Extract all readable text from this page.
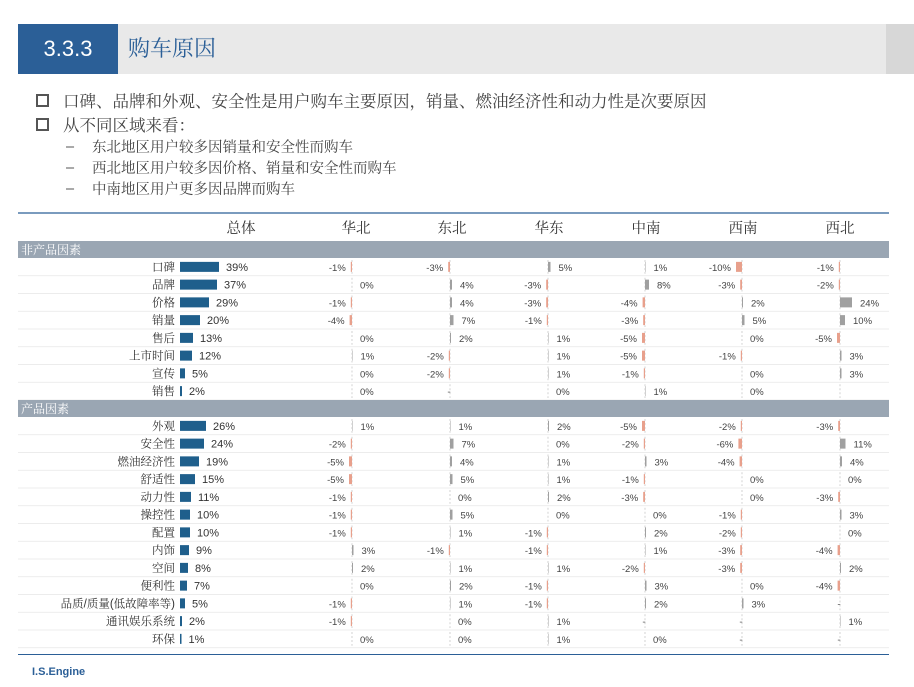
3.3.3	购车原因
口碑、品牌和外观、安全性是用户购车主要原因，销量、燃油经济性和动力性是次要原因
从不同区域来看：
–	东北地区用户较多因销量和安全性而购车
–	西北地区用户较多因价格、销量和安全性而购车
–	中南地区用户更多因品牌而购车
总体	华北	东北	华东	中南	西南	西北
非产品因素
口碑	39%	-1%	-3%	5%	1%	-10%	-1%
品牌	37%	0%	4%	-3%	8%	-3%	-2%
价格	29%	-1%	4%	-3%	-4%	2%	24%
销量	20%	-4%	7%	-1%	-3%	5%	10%
售后 13%	0%	2%	1%	-5%	0%	-5%
上市时间 12%	1%	-2%	1%	-5%	-1%	3%
宣传 5%	0%	-2%	1%	-1%	0%	3%
销售 2%	0%	-	0%	1%	0%
产品因素
外观	26%	1%	1%	2%	-5%	-2%	-3%
安全性	24%	-2%	7%	0%	-2%	-6%	11%
燃油经济性	19%	-5%	4%	1%	3%	-4%	4%
舒适性 15%	-5%	5%	1%	-1%	0%	0%
动力性 11%	-1%	0%	2%	-3%	0%	-3%
操控性 10%	-1%	5%	0%	0%	-1%	3%
配置 10%	-1%	1%	-1%	2%	-2%	0%
内饰 9%	3%	-1%	-1%	1%	-3%	-4%
空间 8%	2%	1%	1%	-2%	-3%	2%
便利性 7%	0%	2%	-1%	3%	0%	-4%
品质/质量(低故障率等) 5%	-1%	1%	-1%	2%	3%	-
通讯娱乐系统 2%	-1%	0%	1%	-	-	1%
环保 1%	0%	0%	1%	0%	-	-
I.S.Engine
